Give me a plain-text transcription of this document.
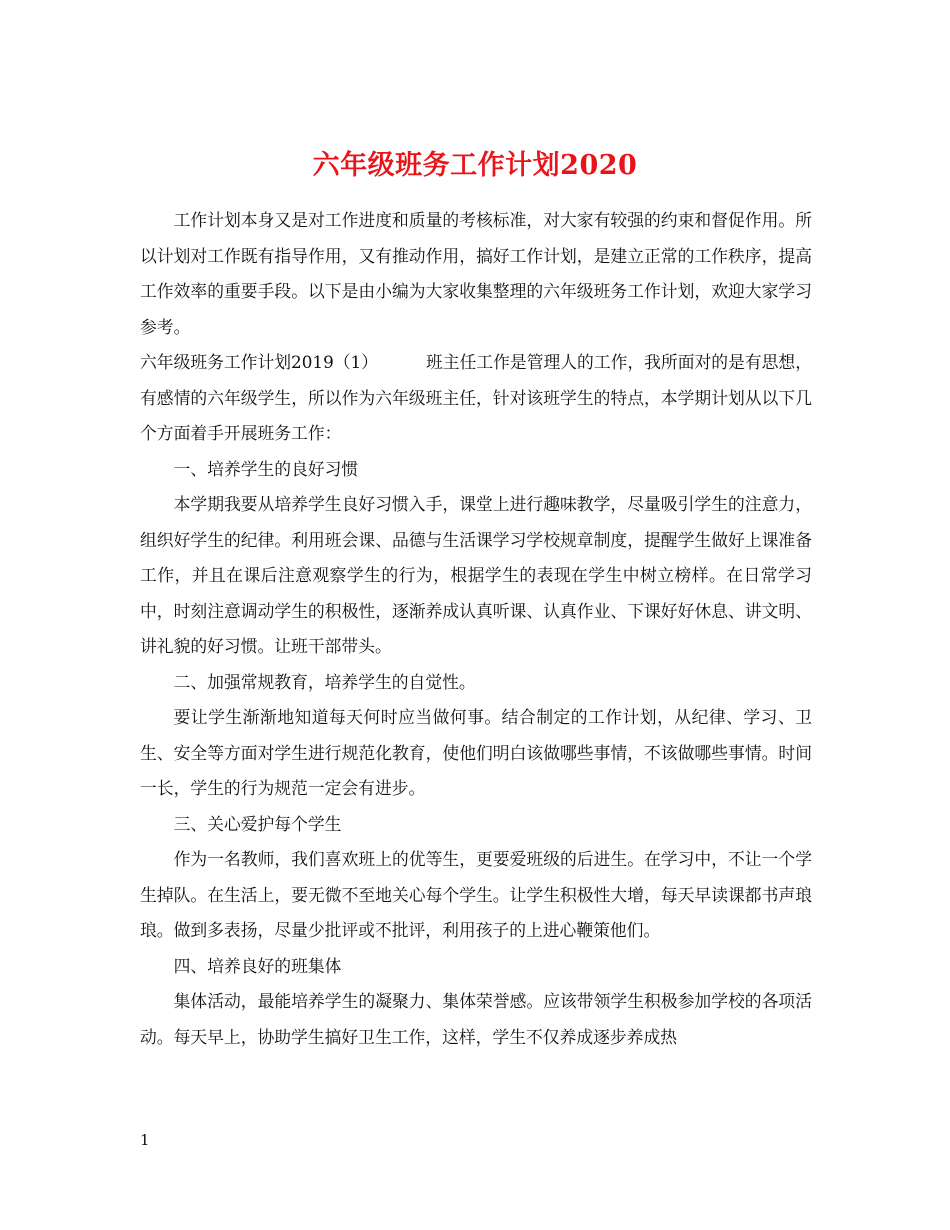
六年级班务工作计划2020

工作计划本身又是对工作进度和质量的考核标准，对大家有较强的约束和督促作用。所以计划对工作既有指导作用，又有推动作用，搞好工作计划，是建立正常的工作秩序，提高工作效率的重要手段。以下是由小编为大家收集整理的六年级班务工作计划，欢迎大家学习参考。

六年级班务工作计划2019（1）	班主任工作是管理人的工作，我所面对的是有思想，有感情的六年级学生，所以作为六年级班主任，针对该班学生的特点，本学期计划从以下几个方面着手开展班务工作：

一、培养学生的良好习惯

本学期我要从培养学生良好习惯入手，课堂上进行趣味教学，尽量吸引学生的注意力，组织好学生的纪律。利用班会课、品德与生活课学习学校规章制度，提醒学生做好上课准备工作，并且在课后注意观察学生的行为，根据学生的表现在学生中树立榜样。在日常学习中，时刻注意调动学生的积极性，逐渐养成认真听课、认真作业、下课好好休息、讲文明、讲礼貌的好习惯。让班干部带头。

二、加强常规教育，培养学生的自觉性。

要让学生渐渐地知道每天何时应当做何事。结合制定的工作计划，从纪律、学习、卫生、安全等方面对学生进行规范化教育，使他们明白该做哪些事情，不该做哪些事情。时间一长，学生的行为规范一定会有进步。

三、关心爱护每个学生

作为一名教师，我们喜欢班上的优等生，更要爱班级的后进生。在学习中，不让一个学生掉队。在生活上，要无微不至地关心每个学生。让学生积极性大增，每天早读课都书声琅琅。做到多表扬，尽量少批评或不批评，利用孩子的上进心鞭策他们。

四、培养良好的班集体

集体活动，最能培养学生的凝聚力、集体荣誉感。应该带领学生积极参加学校的各项活动。每天早上，协助学生搞好卫生工作，这样，学生不仅养成逐步养成热

1
